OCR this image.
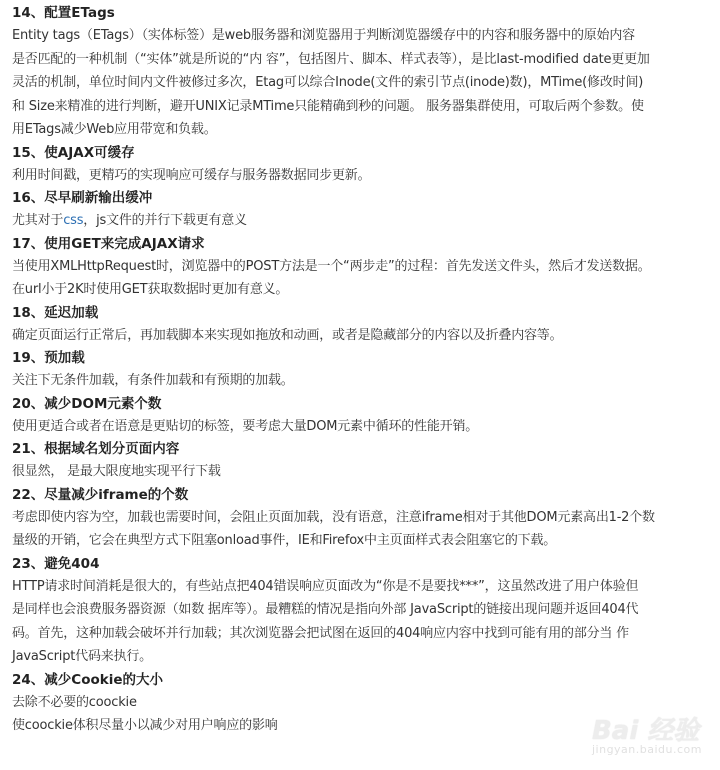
14、配置ETags
Entity tags（ETags）（实体标签）是web服务器和浏览器用于判断浏览器缓存中的内容和服务器中的原始内容
是否匹配的一种机制（“实体”就是所说的“内 容”，包括图片、脚本、样式表等），是比last-modified date更更加
灵活的机制，单位时间内文件被修过多次，Etag可以综合Inode(文件的索引节点(inode)数)，MTime(修改时间)
和 Size来精准的进行判断，避开UNIX记录MTime只能精确到秒的问题。 服务器集群使用，可取后两个参数。使
用ETags减少Web应用带宽和负载。
15、使AJAX可缓存
利用时间戳，更精巧的实现响应可缓存与服务器数据同步更新。
16、尽早刷新输出缓冲
尤其对于css，js文件的并行下载更有意义
17、使用GET来完成AJAX请求
当使用XMLHttpRequest时，浏览器中的POST方法是一个“两步走”的过程：首先发送文件头，然后才发送数据。
在url小于2K时使用GET获取数据时更加有意义。
18、延迟加载
确定页面运行正常后，再加载脚本来实现如拖放和动画，或者是隐藏部分的内容以及折叠内容等。
19、预加载
关注下无条件加载，有条件加载和有预期的加载。
20、减少DOM元素个数
使用更适合或者在语意是更贴切的标签，要考虑大量DOM元素中循环的性能开销。
21、根据域名划分页面内容
很显然， 是最大限度地实现平行下载
22、尽量减少iframe的个数
考虑即使内容为空，加载也需要时间，会阻止页面加载，没有语意，注意iframe相对于其他DOM元素高出1-2个数
量级的开销，它会在典型方式下阻塞onload事件，IE和Firefox中主页面样式表会阻塞它的下载。
23、避免404
HTTP请求时间消耗是很大的，有些站点把404错误响应页面改为“你是不是要找***”，这虽然改进了用户体验但
是同样也会浪费服务器资源（如数 据库等）。最糟糕的情况是指向外部 JavaScript的链接出现问题并返回404代
码。首先，这种加载会破坏并行加载；其次浏览器会把试图在返回的404响应内容中找到可能有用的部分当 作
JavaScript代码来执行。
24、减少Cookie的大小
去除不必要的coockie
使coockie体积尽量小以减少对用户响应的影响	Bai 经验
jingyan.baidu.com
